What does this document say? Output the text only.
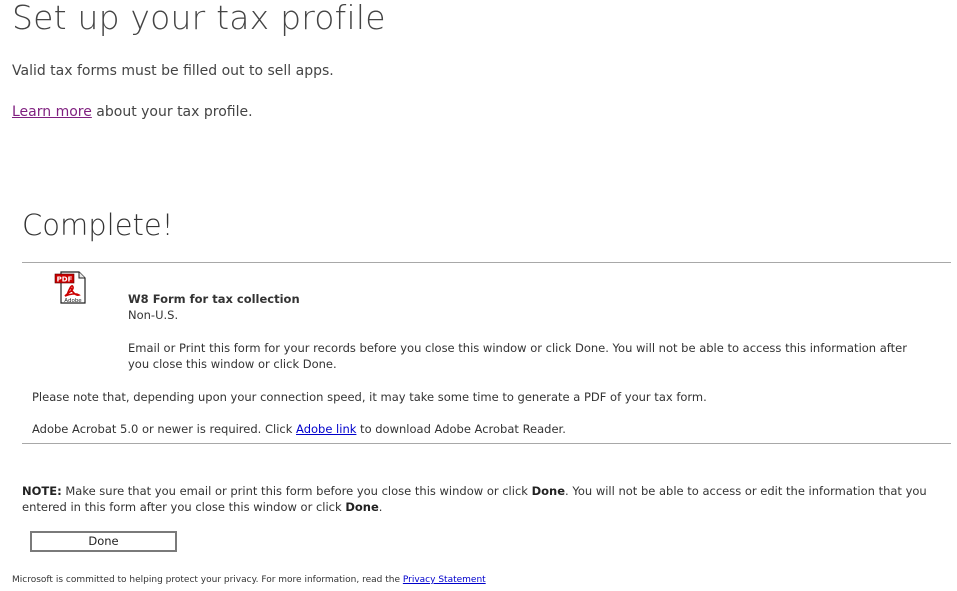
Set up your tax profile

Valid tax forms must be filled out to sell apps.

Learn more about your tax profile.

Complete!
PDF
Adobe	W8 Form for tax collection
Non-U.S.
Email or Print this form for your records before you close this window or click Done. You will not be able to access this information after you close this window or click Done.
Please note that, depending upon your connection speed, it may take some time to generate a PDF of your tax form.
Adobe Acrobat 5.0 or newer is required. Click Adobe link to download Adobe Acrobat Reader.
NOTE: Make sure that you email or print this form before you close this window or click Done. You will not be able to access or edit the information that you entered in this form after you close this window or click Done.
Done
Microsoft is committed to helping protect your privacy. For more information, read the Privacy Statement
